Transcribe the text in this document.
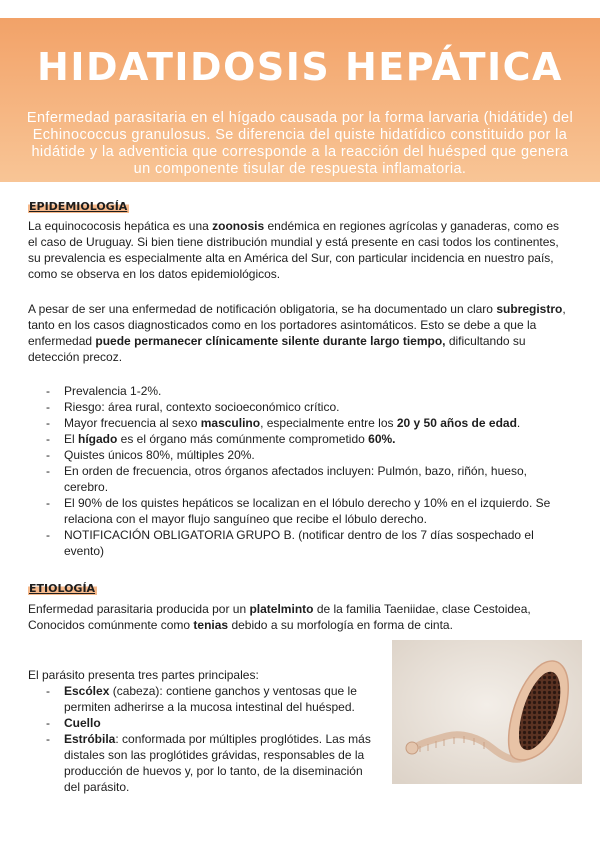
HIDATIDOSIS HEPÁTICA
Enfermedad parasitaria en el hígado causada por la forma larvaria (hidátide) del Echinococcus granulosus. Se diferencia del quiste hidatídico constituido por la hidátide y la adventicia que corresponde a la reacción del huésped que genera un componente tisular de respuesta inflamatoria.
EPIDEMIOLOGÍA

La equinococosis hepática es una zoonosis endémica en regiones agrícolas y ganaderas, como es el caso de Uruguay. Si bien tiene distribución mundial y está presente en casi todos los continentes, su prevalencia es especialmente alta en América del Sur, con particular incidencia en nuestro país, como se observa en los datos epidemiológicos.

A pesar de ser una enfermedad de notificación obligatoria, se ha documentado un claro subregistro, tanto en los casos diagnosticados como en los portadores asintomáticos. Esto se debe a que la enfermedad puede permanecer clínicamente silente durante largo tiempo, dificultando su detección precoz.

- Prevalencia 1-2%.
- Riesgo: área rural, contexto socioeconómico crítico.
- Mayor frecuencia al sexo masculino, especialmente entre los 20 y 50 años de edad.
- El hígado es el órgano más comúnmente comprometido 60%.
- Quistes únicos 80%, múltiples 20%.
- En orden de frecuencia, otros órganos afectados incluyen: Pulmón, bazo, riñón, hueso, cerebro.
- El 90% de los quistes hepáticos se localizan en el lóbulo derecho y 10% en el izquierdo. Se relaciona con el mayor flujo sanguíneo que recibe el lóbulo derecho.
- NOTIFICACIÓN OBLIGATORIA GRUPO B. (notificar dentro de los 7 días sospechado el evento)
ETIOLOGÍA

Enfermedad parasitaria producida por un platelminto de la familia Taeniidae, clase Cestoidea, Conocidos comúnmente como tenias debido a su morfología en forma de cinta.

El parásito presenta tres partes principales:

- Escólex (cabeza): contiene ganchos y ventosas que le permiten adherirse a la mucosa intestinal del huésped.
- Cuello
- Estróbila: conformada por múltiples proglótides. Las más distales son las proglótides grávidas, responsables de la producción de huevos y, por lo tanto, de la diseminación del parásito.
